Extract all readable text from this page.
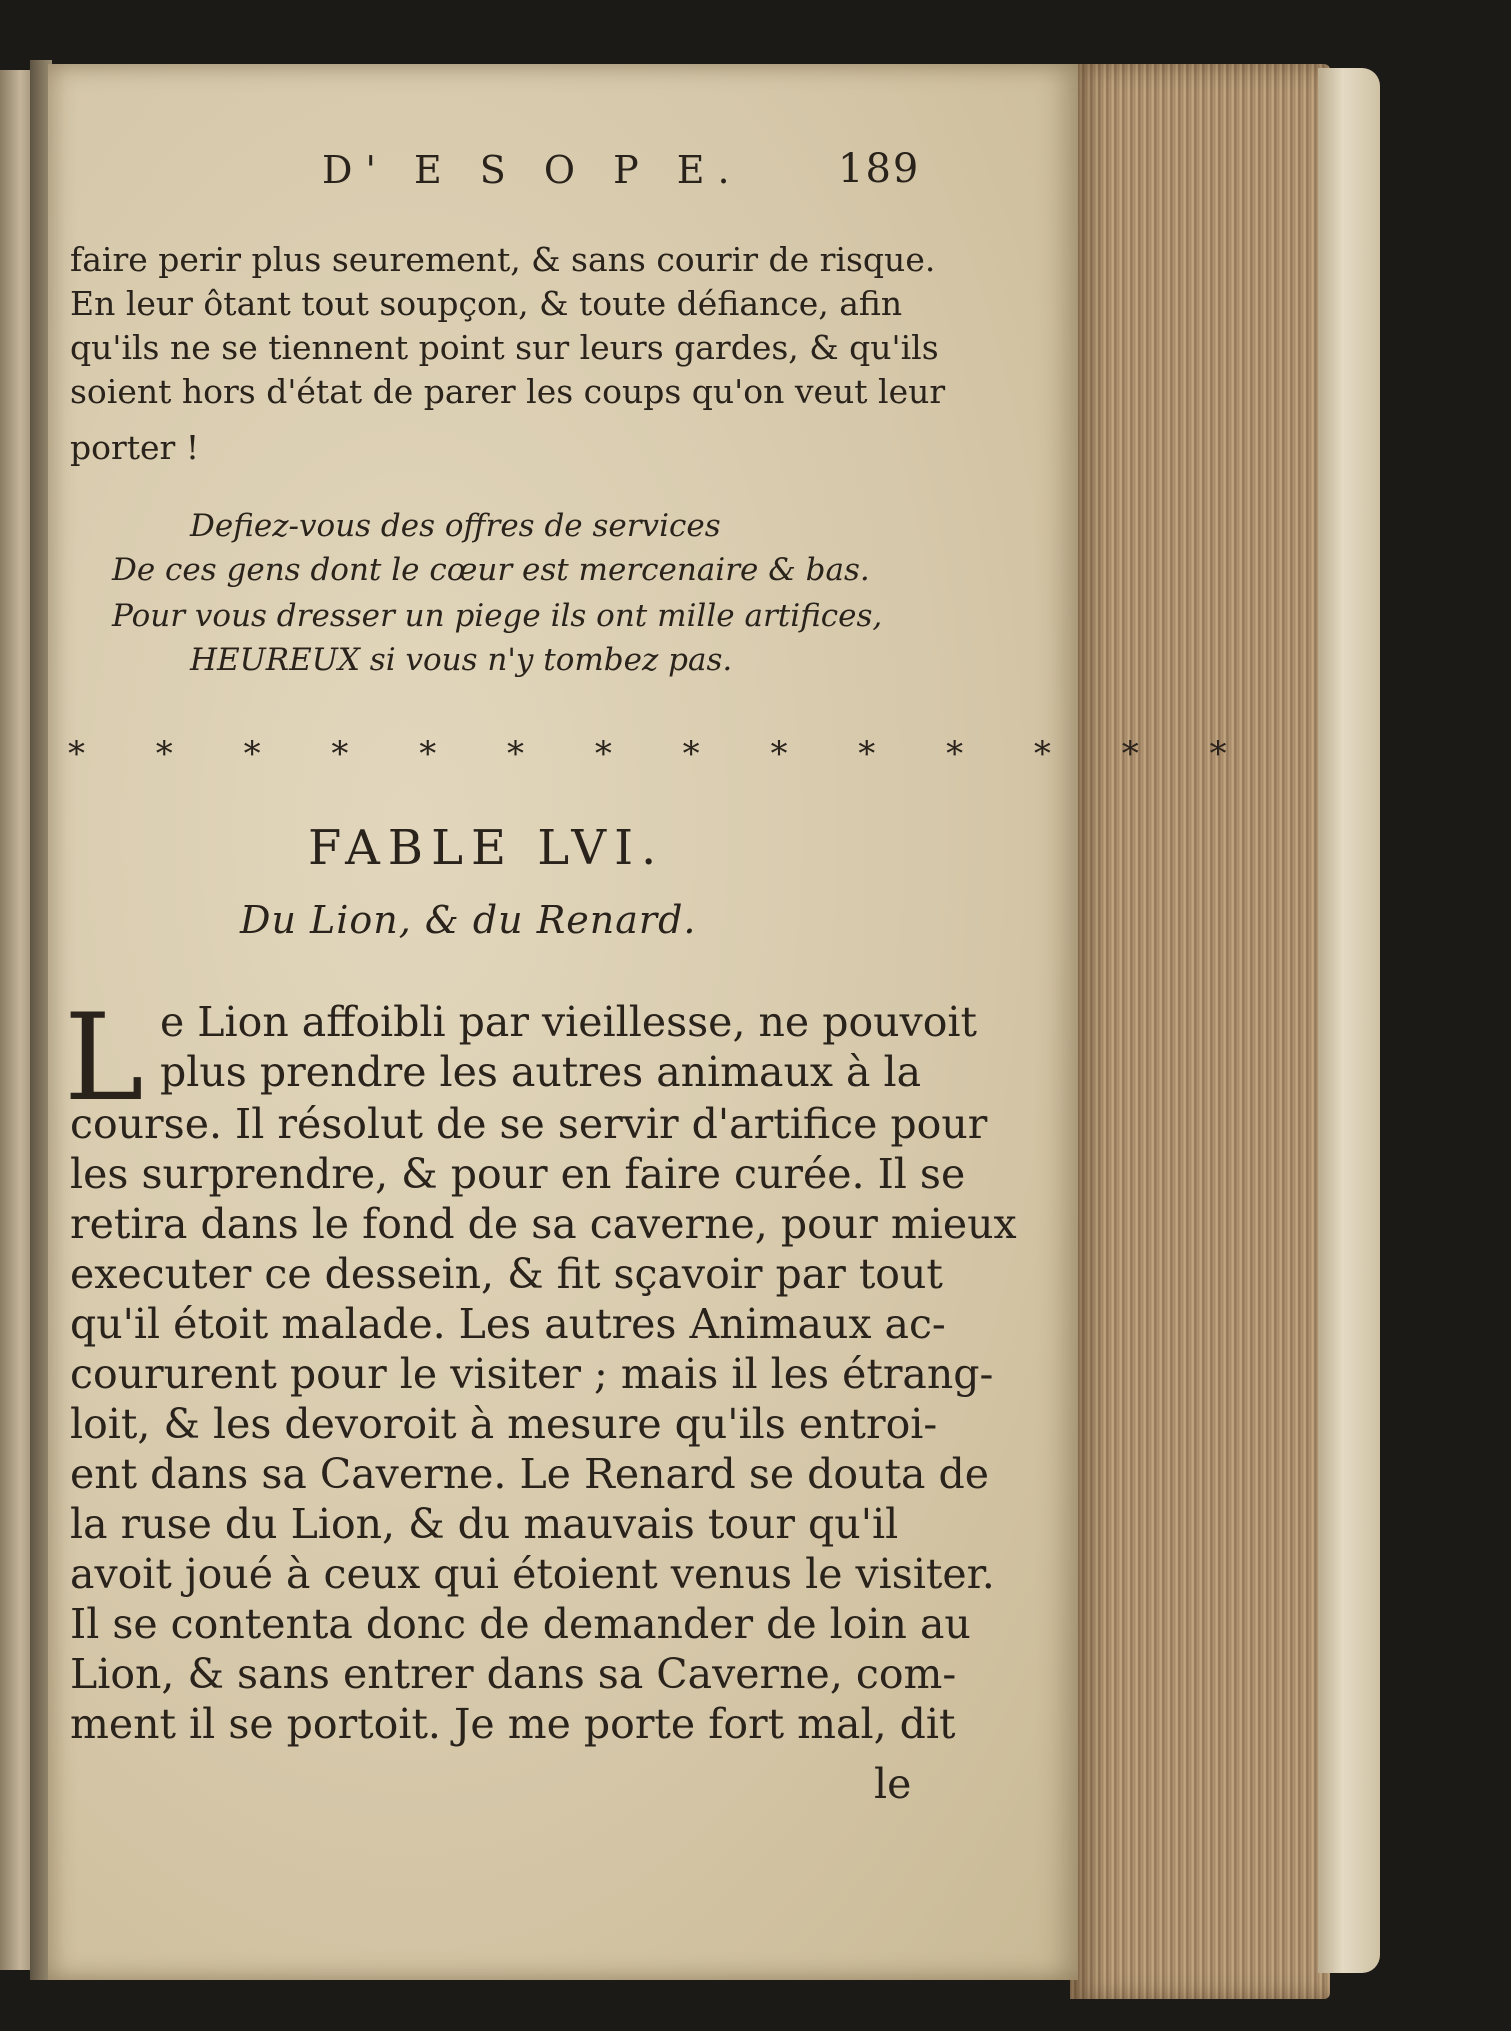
D' E S O P E. 189
faire perir plus seurement, & sans courir de risque.
En leur ôtant tout soupçon, & toute défiance, afin
qu'ils ne se tiennent point sur leurs gardes, & qu'ils
soient hors d'état de parer les coups qu'on veut leur
porter !
Defiez-vous des offres de services
De ces gens dont le cœur est mercenaire & bas.
Pour vous dresser un piege ils ont mille artifices,
HEUREUX si vous n'y tombez pas.
* * * * * * * * * * * * * *
FABLE LVI.
Du Lion, & du Renard.
L e Lion affoibli par vieillesse, ne pouvoit
plus prendre les autres animaux à la
course. Il résolut de se servir d'artifice pour
les surprendre, & pour en faire curée. Il se
retira dans le fond de sa caverne, pour mieux
executer ce dessein, & fit sçavoir par tout
qu'il étoit malade. Les autres Animaux ac-
coururent pour le visiter ; mais il les étrang-
loit, & les devoroit à mesure qu'ils entroi-
ent dans sa Caverne. Le Renard se douta de
la ruse du Lion, & du mauvais tour qu'il
avoit joué à ceux qui étoient venus le visiter.
Il se contenta donc de demander de loin au
Lion, & sans entrer dans sa Caverne, com-
ment il se portoit. Je me porte fort mal, dit
le
